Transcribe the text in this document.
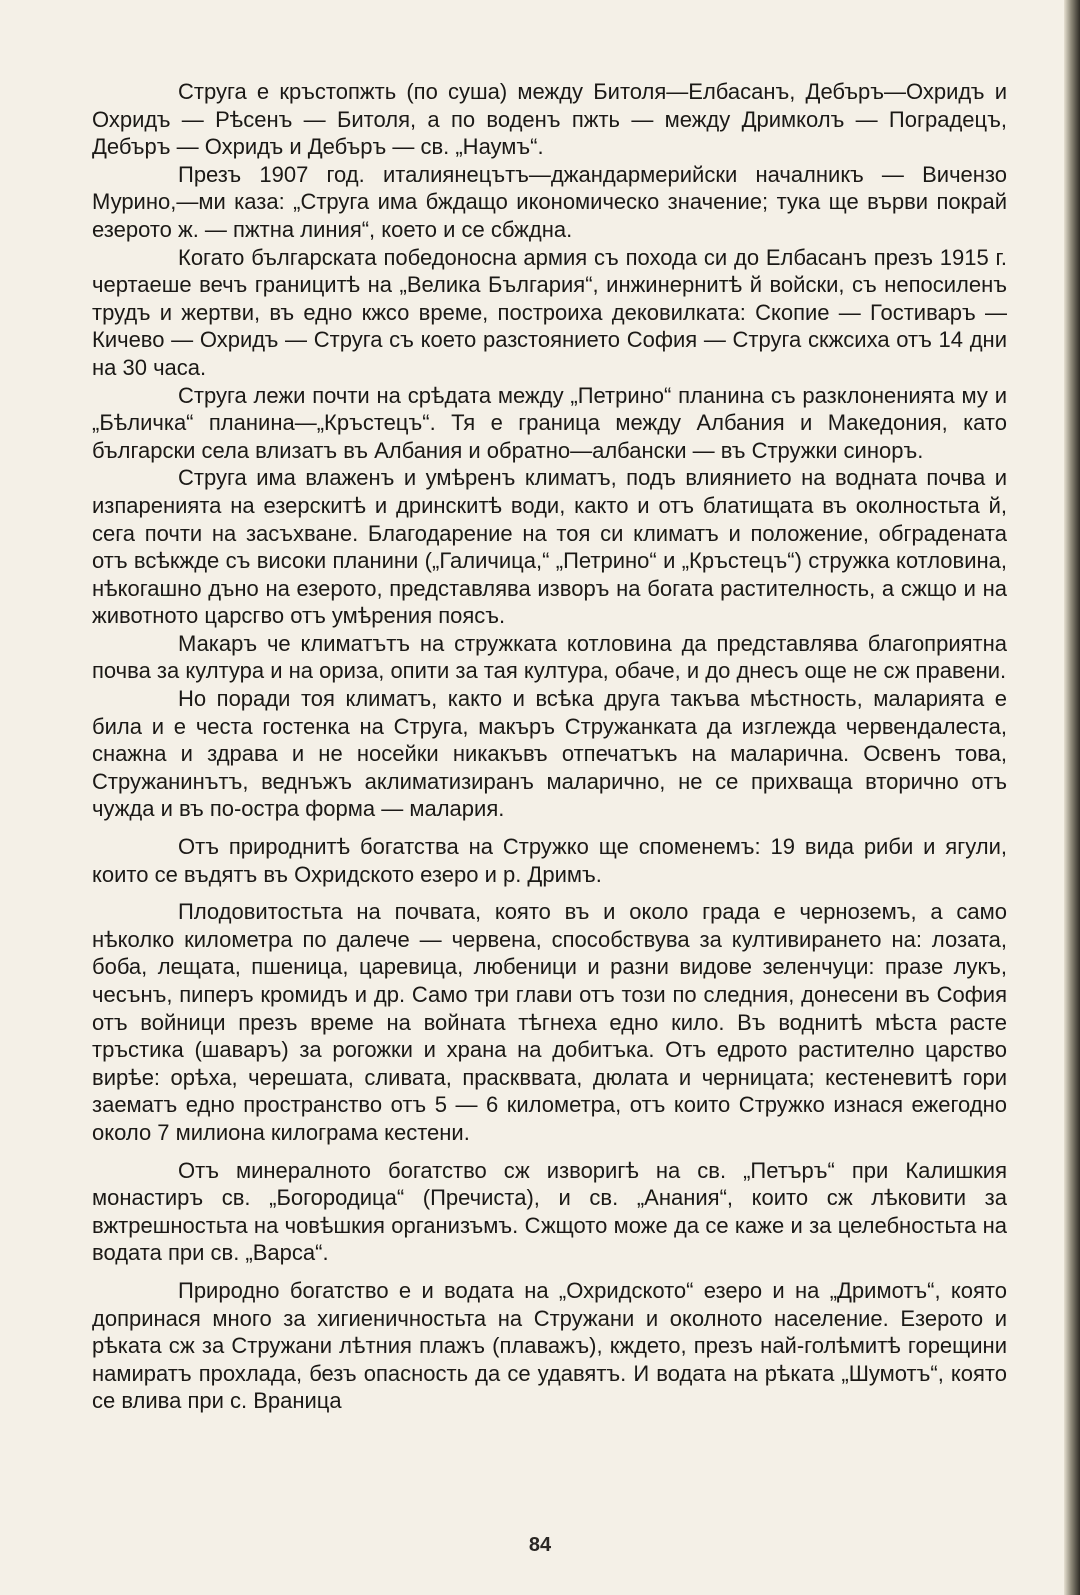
Струга е кръстопжть (по суша) между Битоля—Елбасанъ, Дебъръ—Охридъ и Охридъ — Рѣсенъ — Битоля, а по воденъ пжть — между Дримколъ — Поградецъ, Дебъръ — Охридъ и Дебъръ — св. „Наумъ“.

Презъ 1907 год. италиянецътъ—джандармерийски началникъ — Вичензо Мурино,—ми каза: „Струга има бждащо икономическо значение; тука ще върви покрай езерото ж. — пжтна линия“, което и се сбжднa.

Когато българската победоносна армия съ похода си до Елбасанъ презъ 1915 г. чертаеше вечъ границитѣ на „Велика България“, инжинернитѣ й войски, съ непосиленъ трудъ и жертви, въ едно кжсо време, построиха дековилката: Скопие — Гостиваръ — Кичево — Охридъ — Струга съ което разстоянието София — Струга скжсиха отъ 14 дни на 30 часа.

Струга лежи почти на срѣдата между „Петрино“ планина съ разклоненията му и „Бѣличка“ планина—„Кръстецъ“. Тя е граница между Албания и Македония, като български села влизатъ въ Албания и обратно—албански — въ Стружки синоръ.

Струга има влаженъ и умѣренъ климатъ, подъ влиянието на водната почва и изпаренията на езерскитѣ и дринскитѣ води, както и отъ блатищата въ околностьта й, сега почти на засъхване. Благодарение на тоя си климатъ и положение, обградената отъ всѣкжде съ високи планини („Галичица,“ „Петрино“ и „Кръстецъ“) стружка котловина, нѣкогашно дъно на езерото, представлява изворъ на богата растителность, а сжщо и на животното царсгво отъ умѣрения поясъ.

Макаръ че климатътъ на стружката котловина да представлява благоприятна почва за култура и на ориза, опити за тая култура, обаче, и до днесъ още не сж правени.

Но поради тоя климатъ, както и всѣка друга такъва мѣстность, маларията е била и е честа гостенка на Струга, макъръ Стружанката да изглежда червендалеста, снажна и здрава и не носейки никакъвъ отпечатъкъ на маларична. Освенъ това, Стружанинътъ, веднъжъ аклиматизиранъ маларично, не се прихваща вторично отъ чужда и въ по-остра форма — малария.

Отъ природнитѣ богатства на Стружко ще споменемъ: 19 вида риби и ягули, които се въдятъ въ Охридското езеро и р. Дримъ.

Плодовитостьта на почвата, която въ и около града е черноземъ, а само нѣколко километра по далече — червена, способствува за култивирането на: лозата, боба, лещата, пшеница, царевица, любеници и разни видове зеленчуци: празе лукъ, чесънъ, пиперъ кромидъ и др. Само три глави отъ този по следния, донесени въ София отъ войници презъ време на войната тѣгнеха едно кило. Въ воднитѣ мѣста расте тръстика (шаваръ) за рогожки и храна на добитъка. Отъ едрото растително царство вирѣе: орѣха, черешата, сливата, праскввата, дюлата и черницата; кестеневитѣ гори заематъ едно пространство отъ 5 — 6 километра, отъ които Стружко изнася ежегодно около 7 милиона килограма кестени.

Отъ минералното богатство сж изворигѣ на св. „Петъръ“ при Калишкия монастиръ св. „Богородица“ (Пречиста), и св. „Анания“, които сж лѣковити за вжтрешностьта на човѣшкия организъмъ. Сжщото може да се каже и за целебностьта на водата при св. „Варса“.

Природно богатство е и водата на „Охридското“ езеро и на „Дримотъ“, която допринася много за хигиеничностьта на Стружани и околното население. Езерото и рѣката сж за Стружани лѣтния плажъ (плаважъ), кждето, презъ най-голѣмитѣ горещини намиратъ прохлада, безъ опасность да се удавятъ. И водата на рѣката „Шумотъ“, която се влива при с. Враница

84
